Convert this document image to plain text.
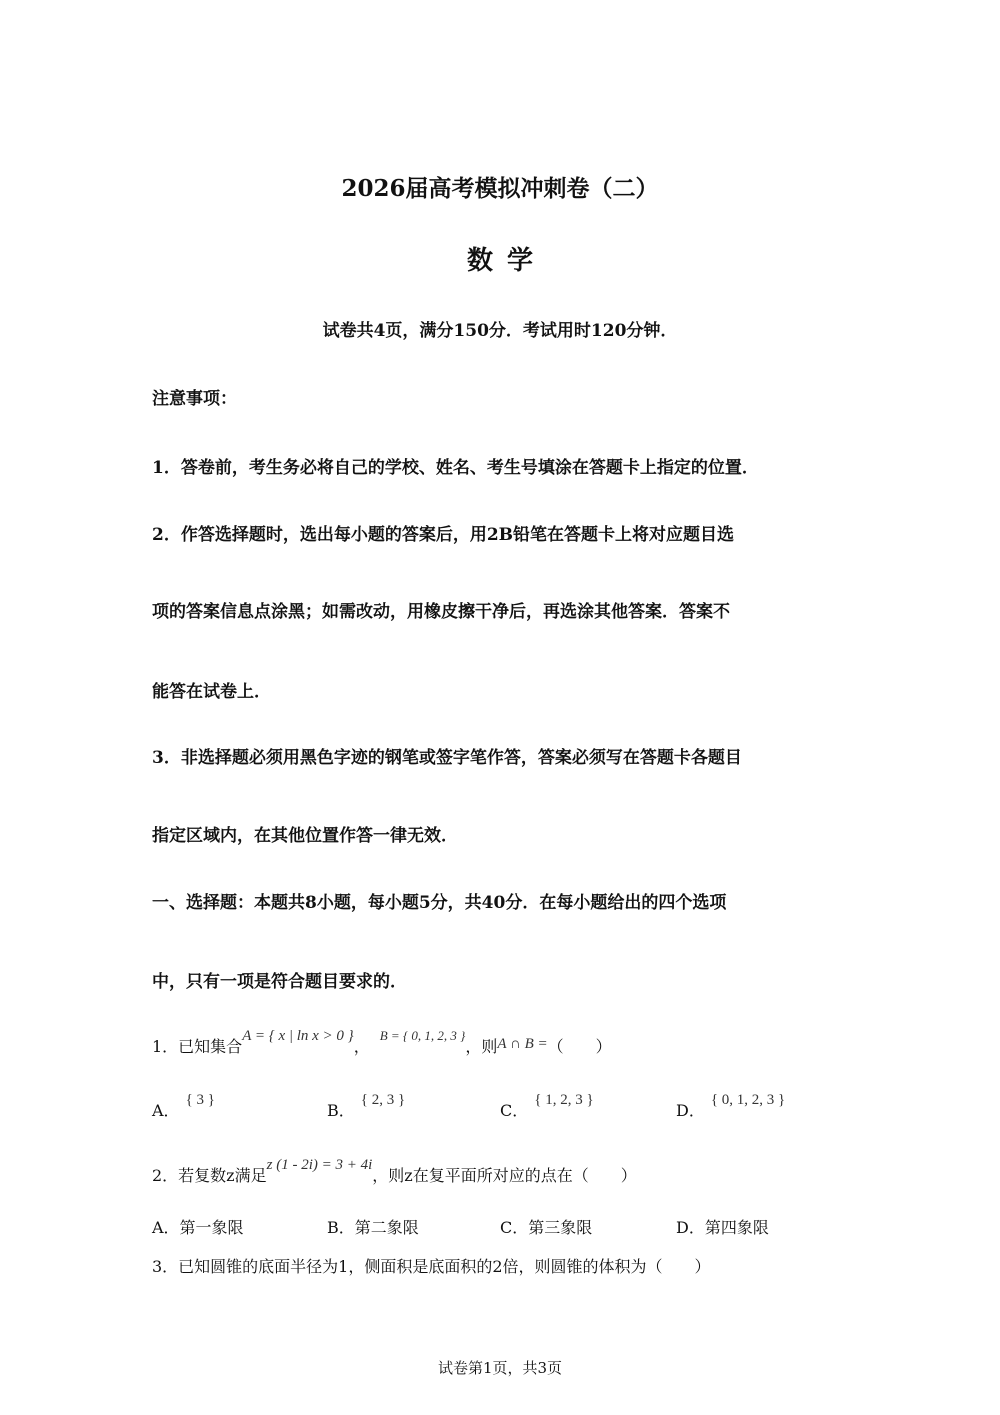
2026届高考模拟冲刺卷（二）
数学
试卷共4页，满分150分．考试用时120分钟．
注意事项：
1．答卷前，考生务必将自己的学校、姓名、考生号填涂在答题卡上指定的位置．
2．作答选择题时，选出每小题的答案后，用2B铅笔在答题卡上将对应题目选
项的答案信息点涂黑；如需改动，用橡皮擦干净后，再选涂其他答案．答案不
能答在试卷上．
3．非选择题必须用黑色字迹的钢笔或签字笔作答，答案必须写在答题卡各题目
指定区域内，在其他位置作答一律无效．
一、选择题：本题共8小题，每小题5分，共40分．在每小题给出的四个选项
中，只有一项是符合题目要求的．
1．已知集合A = { x | ln x > 0 }，$^{B = \{ 0, 1, 2, 3 \}}$，则A ∩ B =（　　）
A．{ 3 }
B．{ 2, 3 }
C．{ 1, 2, 3 }
D．{ 0, 1, 2, 3 }
2．若复数z满足z (1 - 2i) = 3 + 4i，则z在复平面所对应的点在（　　）
A．第一象限	B．第二象限	C．第三象限	D．第四象限
3．已知圆锥的底面半径为1，侧面积是底面积的2倍，则圆锥的体积为（　　）
试卷第1页，共3页
